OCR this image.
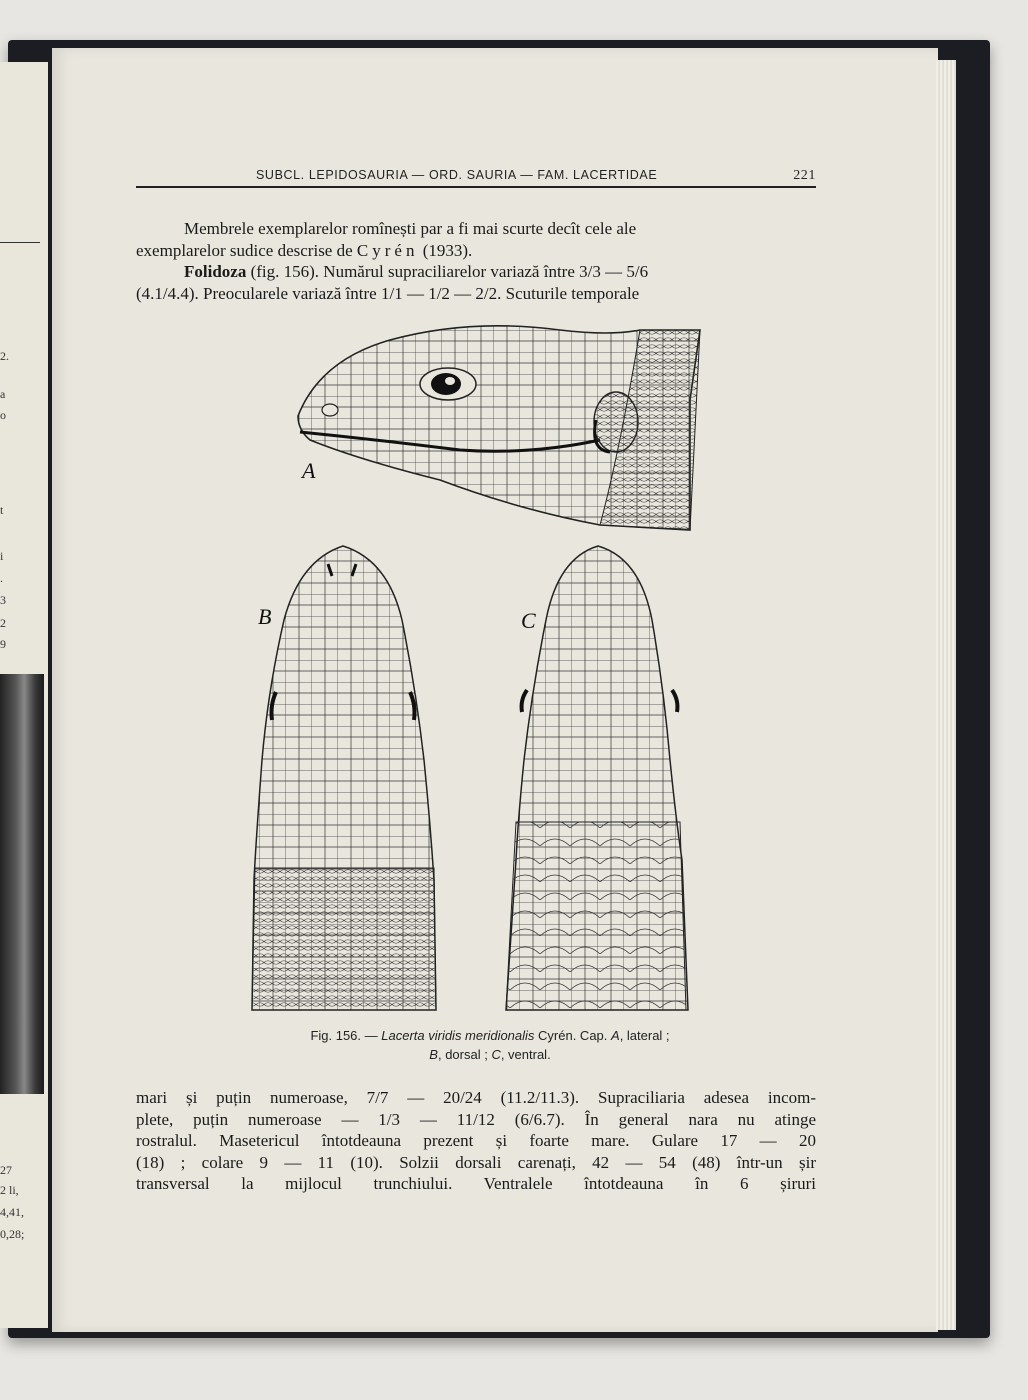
2.
a
o
t
i
.
3
2
9
27
2 li,
4,41,
0,28;
SUBCL. LEPIDOSAURIA — ORD. SAURIA — FAM. LACERTIDAE	221
Membrele exemplarelor romînești par a fi mai scurte decît cele ale
exemplarelor sudice descrise de Cyrén (1933).
Folidoza (fig. 156). Numărul supraciliarelor variază între 3/3 — 5/6
(4.1/4.4). Preocularele variază între 1/1 — 1/2 — 2/2. Scuturile temporale
A
B	C
Fig. 156. — Lacerta viridis meridionalis Cyrén. Cap. A, lateral ;
B, dorsal ; C, ventral.
mari și puțin numeroase, 7/7 — 20/24 (11.2/11.3). Supraciliaria adesea incom-
plete, puțin numeroase — 1/3 — 11/12 (6/6.7). În general nara nu atinge
rostralul. Masetericul întotdeauna prezent și foarte mare. Gulare 17 — 20
(18) ; colare 9 — 11 (10). Solzii dorsali carenați, 42 — 54 (48) într-un șir
transversal la mijlocul trunchiului. Ventralele întotdeauna în 6 șiruri
